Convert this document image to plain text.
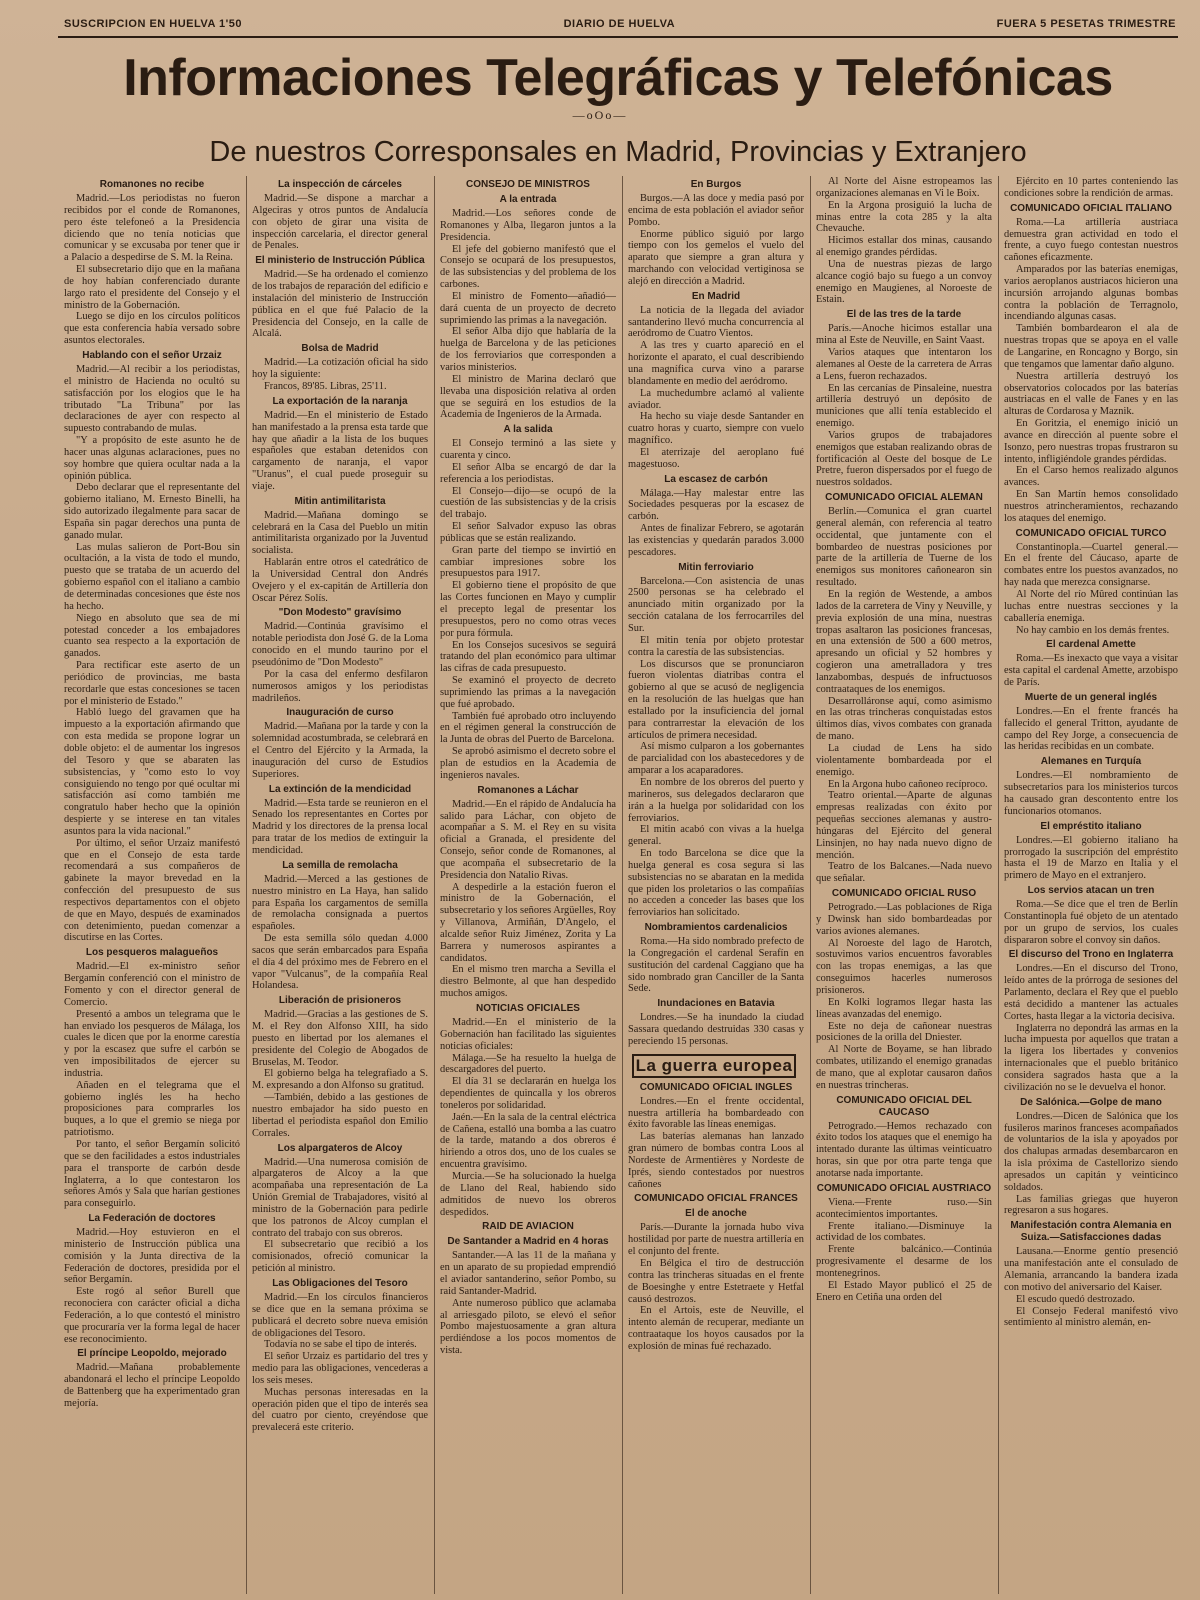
SUSCRIPCION EN HUELVA 1'50	DIARIO DE HUELVA	FUERA 5 PESETAS TRIMESTRE
Informaciones Telegráficas y Telefónicas
—oOo—
De nuestros Corresponsales en Madrid, Provincias y Extranjero
Romanones no recibe

Madrid.—Los periodistas no fueron recibidos por el conde de Romanones, pero éste telefoneó a la Presidencia diciendo que no tenía noticias que comunicar y se excusaba por tener que ir a Palacio a despedirse de S. M. la Reina.

El subsecretario dijo que en la mañana de hoy habían conferenciado durante largo rato el presidente del Consejo y el ministro de la Gobernación.

Luego se dijo en los círculos políticos que esta conferencia había versado sobre asuntos electorales.

Hablando con el señor Urzaiz

Madrid.—Al recibir a los periodistas, el ministro de Hacienda no ocultó su satisfacción por los elogios que le ha tributado "La Tribuna" por las declaraciones de ayer con respecto al supuesto contrabando de mulas.

"Y a propósito de este asunto he de hacer unas algunas aclaraciones, pues no soy hombre que quiera ocultar nada a la opinión pública.

Debo declarar que el representante del gobierno italiano, M. Ernesto Binelli, ha sido autorizado ilegalmente para sacar de España sin pagar derechos una punta de ganado mular.

Las mulas salieron de Port-Bou sin ocultación, a la vista de todo el mundo, puesto que se trataba de un acuerdo del gobierno español con el italiano a cambio de determinadas concesiones que éste nos ha hecho.

Niego en absoluto que sea de mi potestad conceder a los embajadores cuanto sea respecto a la exportación de ganados.

Para rectificar este aserto de un periódico de provincias, me basta recordarle que estas concesiones se tacen por el ministerio de Estado."

Habló luego del gravamen que ha impuesto a la exportación afirmando que con esta medida se propone lograr un doble objeto: el de aumentar los ingresos del Tesoro y que se abaraten las subsistencias, y "como esto lo voy consiguiendo no tengo por qué ocultar mi satisfacción así como también me congratulo haber hecho que la opinión despierte y se interese en tan vitales asuntos para la vida nacional."

Por último, el señor Urzaiz manifestó que en el Consejo de esta tarde recomendará a sus compañeros de gabinete la mayor brevedad en la confección del presupuesto de sus respectivos departamentos con el objeto de que en Mayo, después de examinados con detenimiento, puedan comenzar a discutirse en las Cortes.

Los pesqueros malagueños

Madrid.—El ex-ministro señor Bergamín conferenció con el ministro de Fomento y con el director general de Comercio.

Presentó a ambos un telegrama que le han enviado los pesqueros de Málaga, los cuales le dicen que por la enorme carestía y por la escasez que sufre el carbón se ven imposibilitados de ejercer su industria.

Añaden en el telegrama que el gobierno inglés les ha hecho proposiciones para comprarles los buques, a lo que el gremio se niega por patriotismo.

Por tanto, el señor Bergamín solicitó que se den facilidades a estos industriales para el transporte de carbón desde Inglaterra, a lo que contestaron los señores Amós y Sala que harían gestiones para conseguirlo.

La Federación de doctores

Madrid.—Hoy estuvieron en el ministerio de Instrucción pública una comisión y la Junta directiva de la Federación de doctores, presidida por el señor Bergamín.

Este rogó al señor Burell que reconociera con carácter oficial a dicha Federación, a lo que contestó el ministro que procuraría ver la forma legal de hacer ese reconocimiento.

El príncipe Leopoldo, mejorado

Madrid.—Mañana probablemente abandonará el lecho el príncipe Leopoldo de Battenberg que ha experimentado gran mejoría.

La inspección de cárceles

Madrid.—Se dispone a marchar a Algeciras y otros puntos de Andalucía con objeto de girar una visita de inspección carcelaria, el director general de Penales.

El ministerio de Instrucción Pública

Madrid.—Se ha ordenado el comienzo de los trabajos de reparación del edificio e instalación del ministerio de Instrucción pública en el que fué Palacio de la Presidencia del Consejo, en la calle de Alcalá.

Bolsa de Madrid

Madrid.—La cotización oficial ha sido hoy la siguiente:

Francos, 89'85. Libras, 25'11.

La exportación de la naranja

Madrid.—En el ministerio de Estado han manifestado a la prensa esta tarde que hay que añadir a la lista de los buques españoles que estaban detenidos con cargamento de naranja, el vapor "Uranus", el cual puede proseguir su viaje.

Mitin antimilitarista

Madrid.—Mañana domingo se celebrará en la Casa del Pueblo un mitin antimilitarista organizado por la Juventud socialista.

Hablarán entre otros el catedrático de la Universidad Central don Andrés Ovejero y el ex-capitán de Artillería don Oscar Pérez Solís.

"Don Modesto" gravísimo

Madrid.—Continúa gravísimo el notable periodista don José G. de la Loma conocido en el mundo taurino por el pseudónimo de "Don Modesto"

Por la casa del enfermo desfilaron numerosos amigos y los periodistas madrileños.

Inauguración de curso

Madrid.—Mañana por la tarde y con la solemnidad acostumbrada, se celebrará en el Centro del Ejército y la Armada, la inauguración del curso de Estudios Superiores.

La extinción de la mendicidad

Madrid.—Esta tarde se reunieron en el Senado los representantes en Cortes por Madrid y los directores de la prensa local para tratar de los medios de extinguir la mendicidad.

La semilla de remolacha

Madrid.—Merced a las gestiones de nuestro ministro en La Haya, han salido para España los cargamentos de semilla de remolacha consignada a puertos españoles.

De esta semilla sólo quedan 4.000 sacos que serán embarcados para España el día 4 del próximo mes de Febrero en el vapor "Vulcanus", de la compañía Real Holandesa.

Liberación de prisioneros

Madrid.—Gracias a las gestiones de S. M. el Rey don Alfonso XIII, ha sido puesto en libertad por los alemanes el presidente del Colegio de Abogados de Bruselas, M. Teodor.

El gobierno belga ha telegrafiado a S. M. expresando a don Alfonso su gratitud.

—También, debido a las gestiones de nuestro embajador ha sido puesto en libertad el periodista español don Emilio Corrales.

Los alpargateros de Alcoy

Madrid.—Una numerosa comisión de alpargateros de Alcoy a la que acompañaba una representación de La Unión Gremial de Trabajadores, visitó al ministro de la Gobernación para pedirle que los patronos de Alcoy cumplan el contrato del trabajo con sus obreros.

El subsecretario que recibió a los comisionados, ofreció comunicar la petición al ministro.

Las Obligaciones del Tesoro

Madrid.—En los círculos financieros se dice que en la semana próxima se publicará el decreto sobre nueva emisión de obligaciones del Tesoro.

Todavía no se sabe el tipo de interés.

El señor Urzaiz es partidario del tres y medio para las obligaciones, vencederas a los seis meses.

Muchas personas interesadas en la operación piden que el tipo de interés sea del cuatro por ciento, creyéndose que prevalecerá este criterio.

CONSEJO DE MINISTROS
A la entrada

Madrid.—Los señores conde de Romanones y Alba, llegaron juntos a la Presidencia.

El jefe del gobierno manifestó que el Consejo se ocupará de los presupuestos, de las subsistencias y del problema de los carbones.

El ministro de Fomento—añadió—dará cuenta de un proyecto de decreto suprimiendo las primas a la navegación.

El señor Alba dijo que hablaría de la huelga de Barcelona y de las peticiones de los ferroviarios que corresponden a varios ministerios.

El ministro de Marina declaró que llevaba una disposición relativa al orden que se seguirá en los estudios de la Academia de Ingenieros de la Armada.

A la salida

El Consejo terminó a las siete y cuarenta y cinco.

El señor Alba se encargó de dar la referencia a los periodistas.

El Consejo—dijo—se ocupó de la cuestión de las subsistencias y de la crisis del trabajo.

El señor Salvador expuso las obras públicas que se están realizando.

Gran parte del tiempo se invirtió en cambiar impresiones sobre los presupuestos para 1917.

El gobierno tiene el propósito de que las Cortes funcionen en Mayo y cumplir el precepto legal de presentar los presupuestos, pero no como otras veces por pura fórmula.

En los Consejos sucesivos se seguirá tratando del plan económico para ultimar las cifras de cada presupuesto.

Se examinó el proyecto de decreto suprimiendo las primas a la navegación que fué aprobado.

También fué aprobado otro incluyendo en el régimen general la construcción de la Junta de obras del Puerto de Barcelona.

Se aprobó asimismo el decreto sobre el plan de estudios en la Academia de ingenieros navales.

Romanones a Láchar

Madrid.—En el rápido de Andalucía ha salido para Láchar, con objeto de acompañar a S. M. el Rey en su visita oficial a Granada, el presidente del Consejo, señor conde de Romanones, al que acompaña el subsecretario de la Presidencia don Natalio Rivas.

A despedirle a la estación fueron el ministro de la Gobernación, el subsecretario y los señores Argüelles, Roy y Villanova, Armiñán, D'Angelo, el alcalde señor Ruiz Jiménez, Zorita y La Barrera y numerosos aspirantes a candidatos.

En el mismo tren marcha a Sevilla el diestro Belmonte, al que han despedido muchos amigos.

NOTICIAS OFICIALES

Madrid.—En el ministerio de la Gobernación han facilitado las siguientes noticias oficiales:

Málaga.—Se ha resuelto la huelga de descargadores del puerto.

El día 31 se declararán en huelga los dependientes de quincalla y los obreros toneleros por solidaridad.

Jaén.—En la sala de la central eléctrica de Cañena, estalló una bomba a las cuatro de la tarde, matando a dos obreros é hiriendo a otros dos, uno de los cuales se encuentra gravísimo.

Murcia.—Se ha solucionado la huelga de Llano del Real, habiendo sido admitidos de nuevo los obreros despedidos.

RAID DE AVIACION
De Santander a Madrid en 4 horas

Santander.—A las 11 de la mañana y en un aparato de su propiedad emprendió el aviador santanderino, señor Pombo, su raid Santander-Madrid.

Ante numeroso público que aclamaba al arriesgado piloto, se elevó el señor Pombo majestuosamente a gran altura perdiéndose a los pocos momentos de vista.

En Burgos

Burgos.—A las doce y media pasó por encima de esta población el aviador señor Pombo.

Enorme público siguió por largo tiempo con los gemelos el vuelo del aparato que siempre a gran altura y marchando con velocidad vertiginosa se alejó en dirección a Madrid.

En Madrid

La noticia de la llegada del aviador santanderino llevó mucha concurrencia al aeródromo de Cuatro Vientos.

A las tres y cuarto apareció en el horizonte el aparato, el cual describiendo una magnífica curva vino a pararse blandamente en medio del aeródromo.

La muchedumbre aclamó al valiente aviador.

Ha hecho su viaje desde Santander en cuatro horas y cuarto, siempre con vuelo magnífico.

El aterrizaje del aeroplano fué magestuoso.

La escasez de carbón

Málaga.—Hay malestar entre las Sociedades pesqueras por la escasez de carbón.

Antes de finalizar Febrero, se agotarán las existencias y quedarán parados 3.000 pescadores.

Mitin ferroviario

Barcelona.—Con asistencia de unas 2500 personas se ha celebrado el anunciado mitin organizado por la sección catalana de los ferrocarriles del Sur.

El mitin tenía por objeto protestar contra la carestía de las subsistencias.

Los discursos que se pronunciaron fueron violentas diatribas contra el gobierno al que se acusó de negligencia en la resolución de las huelgas que han estallado por la insuficiencia del jornal para contrarrestar la elevación de los artículos de primera necesidad.

Así mismo culparon a los gobernantes de parcialidad con los abastecedores y de amparar a los acaparadores.

En nombre de los obreros del puerto y marineros, sus delegados declararon que irán a la huelga por solidaridad con los ferroviarios.

El mitin acabó con vivas a la huelga general.

En todo Barcelona se dice que la huelga general es cosa segura si las subsistencias no se abaratan en la medida que piden los proletarios o las compañías no acceden a conceder las bases que los ferroviarios han solicitado.

Nombramientos cardenalicios

Roma.—Ha sido nombrado prefecto de la Congregación el cardenal Serafín en sustitución del cardenal Caggiano que ha sido nombrado gran Canciller de la Santa Sede.

Inundaciones en Batavia

Londres.—Se ha inundado la ciudad Sassara quedando destruidas 330 casas y pereciendo 15 personas.

La guerra europea
COMUNICADO OFICIAL INGLES

Londres.—En el frente occidental, nuestra artillería ha bombardeado con éxito favorable las líneas enemigas.

Las baterías alemanas han lanzado gran número de bombas contra Loos al Nordeste de Armentières y Nordeste de Iprés, siendo contestados por nuestros cañones

COMUNICADO OFICIAL FRANCES
El de anoche

París.—Durante la jornada hubo viva hostilidad por parte de nuestra artillería en el conjunto del frente.

En Bélgica el tiro de destrucción contra las trincheras situadas en el frente de Boesinghe y entre Estetraete y Hetfal causó destrozos.

En el Artois, este de Neuville, el intento alemán de recuperar, mediante un contraataque los hoyos causados por la explosión de minas fué rechazado.

Al Norte del Aisne estropeamos las organizaciones alemanas en Vi le Boix.

En la Argona prosiguió la lucha de minas entre la cota 285 y la alta Chevauche.

Hicimos estallar dos minas, causando al enemigo grandes pérdidas.

Una de nuestras piezas de largo alcance cogió bajo su fuego a un convoy enemigo en Maugienes, al Noroeste de Estain.

El de las tres de la tarde

París.—Anoche hicimos estallar una mina al Este de Neuville, en Saint Vaast.

Varios ataques que intentaron los alemanes al Oeste de la carretera de Arras a Lens, fueron rechazados.

En las cercanías de Pinsaleine, nuestra artillería destruyó un depósito de municiones que allí tenía establecido el enemigo.

Varios grupos de trabajadores enemigos que estaban realizando obras de fortificación al Oeste del bosque de Le Pretre, fueron dispersados por el fuego de nuestros soldados.

COMUNICADO OFICIAL ALEMAN

Berlín.—Comunica el gran cuartel general alemán, con referencia al teatro occidental, que juntamente con el bombardeo de nuestras posiciones por parte de la artillería de Tuerne de los enemigos sus monitores cañonearon sin resultado.

En la región de Westende, a ambos lados de la carretera de Viny y Neuville, y previa explosión de una mina, nuestras tropas asaltaron las posiciones francesas, en una extensión de 500 a 600 metros, apresando un oficial y 52 hombres y cogieron una ametralladora y tres lanzabombas, después de infructuosos contraataques de los enemigos.

Desarrolláronse aquí, como asimismo en las otras trincheras conquistadas estos últimos días, vivos combates con granada de mano.

La ciudad de Lens ha sido violentamente bombardeada por el enemigo.

En la Argona hubo cañoneo recíproco.

Teatro oriental.—Aparte de algunas empresas realizadas con éxito por pequeñas secciones alemanas y austro-húngaras del Ejército del general Linsinjen, no hay nada nuevo digno de mención.

Teatro de los Balcanes.—Nada nuevo que señalar.

COMUNICADO OFICIAL RUSO

Petrogrado.—Las poblaciones de Riga y Dwinsk han sido bombardeadas por varios aviones alemanes.

Al Noroeste del lago de Harotch, sostuvimos varios encuentros favorables con las tropas enemigas, a las que conseguimos hacerles numerosos prisioneros.

En Kolki logramos llegar hasta las líneas avanzadas del enemigo.

Este no deja de cañonear nuestras posiciones de la orilla del Dniester.

Al Norte de Boyame, se han librado combates, utilizando el enemigo granadas de mano, que al explotar causaron daños en nuestras trincheras.

COMUNICADO OFICIAL DEL CAUCASO

Petrogrado.—Hemos rechazado con éxito todos los ataques que el enemigo ha intentado durante las últimas veinticuatro horas, sin que por otra parte tenga que anotarse nada importante.

COMUNICADO OFICIAL AUSTRIACO

Viena.—Frente ruso.—Sin acontecimientos importantes.

Frente italiano.—Disminuye la actividad de los combates.

Frente balcánico.—Continúa progresivamente el desarme de los montenegrinos.

El Estado Mayor publicó el 25 de Enero en Cetiña una orden del

Ejército en 10 partes conteniendo las condiciones sobre la rendición de armas.

COMUNICADO OFICIAL ITALIANO

Roma.—La artillería austriaca demuestra gran actividad en todo el frente, a cuyo fuego contestan nuestros cañones eficazmente.

Amparados por las baterías enemigas, varios aeroplanos austriacos hicieron una incursión arrojando algunas bombas contra la población de Terragnolo, incendiando algunas casas.

También bombardearon el ala de nuestras tropas que se apoya en el valle de Langarine, en Roncagno y Borgo, sin que tengamos que lamentar daño alguno.

Nuestra artillería destruyó los observatorios colocados por las baterías austriacas en el valle de Fanes y en las alturas de Cordarosa y Maznik.

En Goritzia, el enemigo inició un avance en dirección al puente sobre el Isonzo, pero nuestras tropas frustraron su intento, infligiéndole grandes pérdidas.

En el Carso hemos realizado algunos avances.

En San Martín hemos consolidado nuestros atrincheramientos, rechazando los ataques del enemigo.

COMUNICADO OFICIAL TURCO

Constantinopla.—Cuartel general.—En el frente del Cáucaso, aparte de combates entre los puestos avanzados, no hay nada que merezca consignarse.

Al Norte del río Mûred continúan las luchas entre nuestras secciones y la caballería enemiga.

No hay cambio en los demás frentes.

El cardenal Amette

Roma.—Es inexacto que vaya a visitar esta capital el cardenal Amette, arzobispo de París.

Muerte de un general inglés

Londres.—En el frente francés ha fallecido el general Tritton, ayudante de campo del Rey Jorge, a consecuencia de las heridas recibidas en un combate.

Alemanes en Turquía

Londres.—El nombramiento de subsecretarios para los ministerios turcos ha causado gran descontento entre los funcionarios otomanos.

El empréstito italiano

Londres.—El gobierno italiano ha prorrogado la suscripción del empréstito hasta el 19 de Marzo en Italia y el primero de Mayo en el extranjero.

Los servios atacan un tren

Roma.—Se dice que el tren de Berlín Constantinopla fué objeto de un atentado por un grupo de servios, los cuales dispararon sobre el convoy sin daños.

El discurso del Trono en Inglaterra

Londres.—En el discurso del Trono, leído antes de la prórroga de sesiones del Parlamento, declara el Rey que el pueblo está decidido a mantener las actuales Cortes, hasta llegar a la victoria decisiva.

Inglaterra no depondrá las armas en la lucha impuesta por aquellos que tratan a la ligera los libertades y convenios internacionales que el pueblo británico considera sagrados hasta que a la civilización no se le devuelva el honor.

De Salónica.—Golpe de mano

Londres.—Dicen de Salónica que los fusileros marinos franceses acompañados de voluntarios de la isla y apoyados por dos chalupas armadas desembarcaron en la isla próxima de Castellorizo siendo apresados un capitán y veinticinco soldados.

Las familias griegas que huyeron regresaron a sus hogares.

Manifestación contra Alemania en Suiza.—Satisfacciones dadas

Lausana.—Enorme gentío presenció una manifestación ante el consulado de Alemania, arrancando la bandera izada con motivo del aniversario del Kaiser.

El escudo quedó destrozado.

El Consejo Federal manifestó vivo sentimiento al ministro alemán, en-
